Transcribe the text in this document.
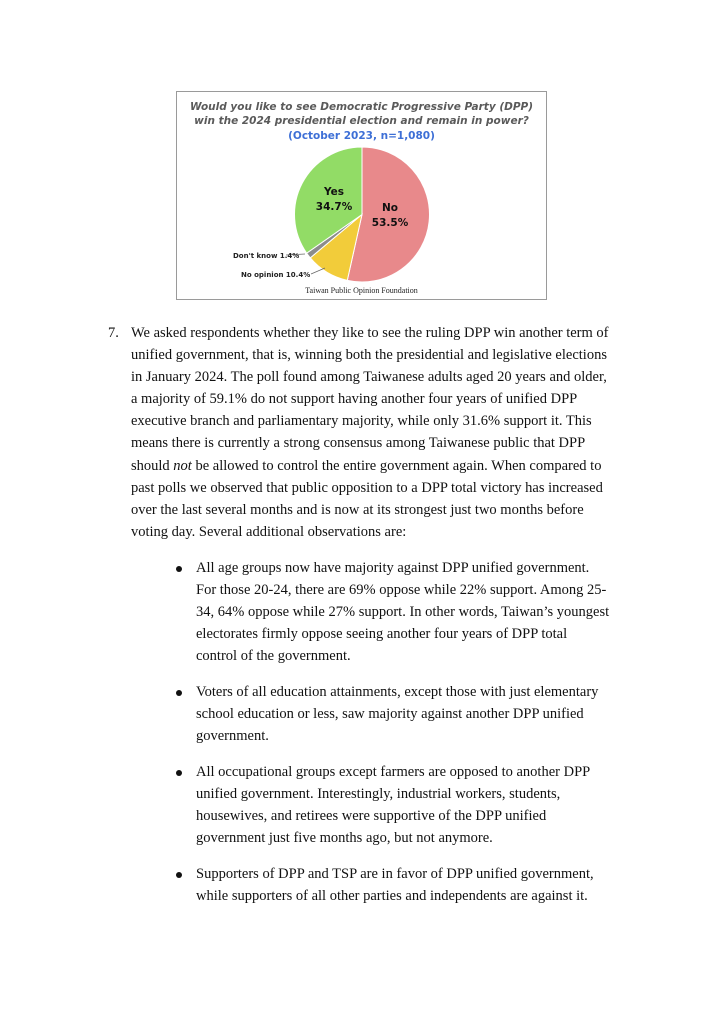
Would you like to see Democratic Progressive Party (DPP)
win the 2024 presidential election and remain in power?
(October 2023, n=1,080)
Yes
34.7%	No
53.5%
Don't know 1.4%
No opinion 10.4%
Taiwan Public Opinion Foundation
7. We asked respondents whether they like to see the ruling DPP win another term of
unified government, that is, winning both the presidential and legislative elections
in January 2024. The poll found among Taiwanese adults aged 20 years and older,
a majority of 59.1% do not support having another four years of unified DPP
executive branch and parliamentary majority, while only 31.6% support it. This
means there is currently a strong consensus among Taiwanese public that DPP
should not be allowed to control the entire government again. When compared to
past polls we observed that public opposition to a DPP total victory has increased
over the last several months and is now at its strongest just two months before
voting day. Several additional observations are:
All age groups now have majority against DPP unified government.
For those 20-24, there are 69% oppose while 22% support. Among 25-
34, 64% oppose while 27% support. In other words, Taiwan’s youngest
electorates firmly oppose seeing another four years of DPP total
control of the government.
Voters of all education attainments, except those with just elementary
school education or less, saw majority against another DPP unified
government.
All occupational groups except farmers are opposed to another DPP
unified government. Interestingly, industrial workers, students,
housewives, and retirees were supportive of the DPP unified
government just five months ago, but not anymore.
Supporters of DPP and TSP are in favor of DPP unified government,
while supporters of all other parties and independents are against it.
